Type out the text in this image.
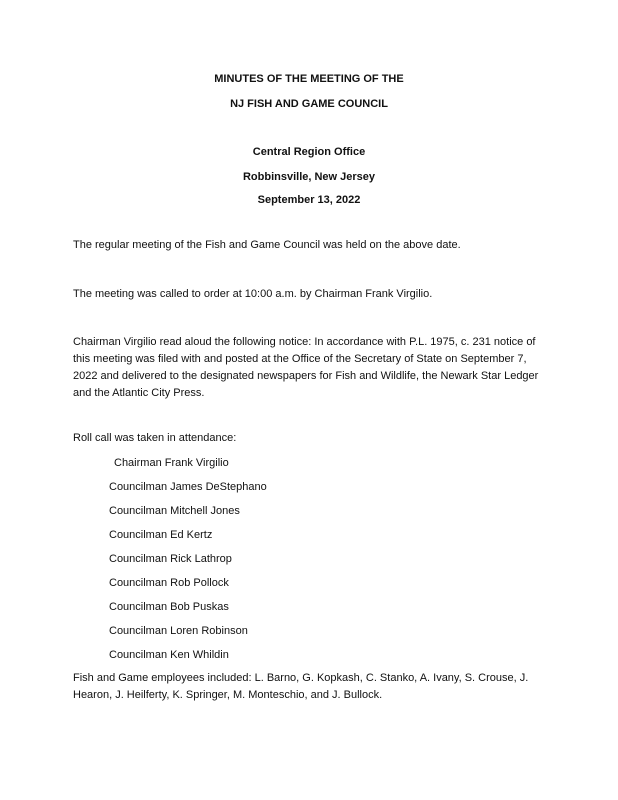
MINUTES OF THE MEETING OF THE
NJ FISH AND GAME COUNCIL
Central Region Office
Robbinsville, New Jersey
September 13, 2022
The regular meeting of the Fish and Game Council was held on the above date.
The meeting was called to order at 10:00 a.m. by Chairman Frank Virgilio.
Chairman Virgilio read aloud the following notice: In accordance with P.L. 1975, c. 231 notice of this meeting was filed with and posted at the Office of the Secretary of State on September 7, 2022 and delivered to the designated newspapers for Fish and Wildlife, the Newark Star Ledger and the Atlantic City Press.
Roll call was taken in attendance:
Chairman Frank Virgilio
Councilman James DeStephano
Councilman Mitchell Jones
Councilman Ed Kertz
Councilman Rick Lathrop
Councilman Rob Pollock
Councilman Bob Puskas
Councilman Loren Robinson
Councilman Ken Whildin
Fish and Game employees included: L. Barno, G. Kopkash, C. Stanko, A. Ivany, S. Crouse, J. Hearon, J. Heilferty, K. Springer, M. Monteschio, and J. Bullock.
